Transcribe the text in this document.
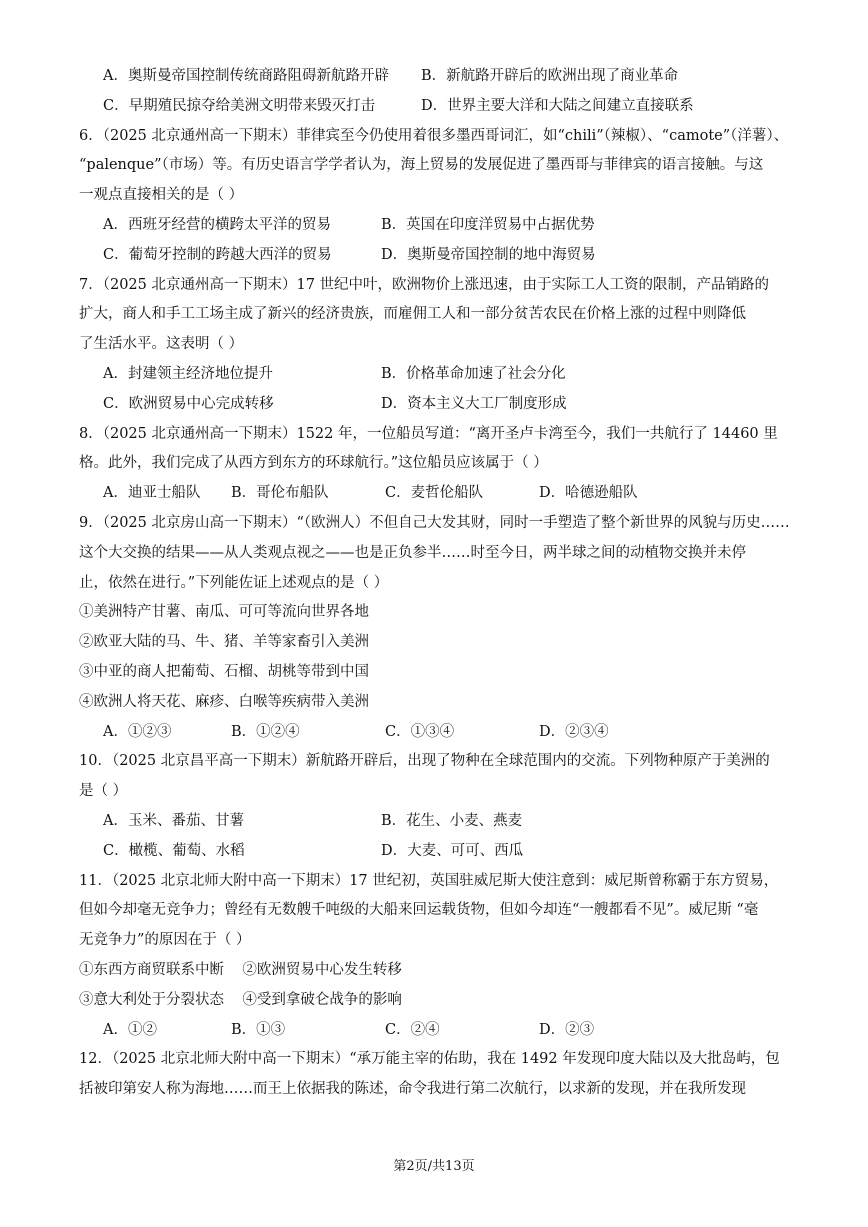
A．奥斯曼帝国控制传统商路阻碍新航路开辟 B．新航路开辟后的欧洲出现了商业革命
C．早期殖民掠夺给美洲文明带来毁灭打击	D．世界主要大洋和大陆之间建立直接联系
6．（2025 北京通州高一下期末）菲律宾至今仍使用着很多墨西哥词汇，如“chili”（辣椒）、“camote”（洋薯）、
“palenque”（市场）等。有历史语言学学者认为，海上贸易的发展促进了墨西哥与菲律宾的语言接触。与这
一观点直接相关的是（ ）
A．西班牙经营的横跨太平洋的贸易	B．英国在印度洋贸易中占据优势
C．葡萄牙控制的跨越大西洋的贸易	D．奥斯曼帝国控制的地中海贸易
7．（2025 北京通州高一下期末）17 世纪中叶，欧洲物价上涨迅速，由于实际工人工资的限制，产品销路的
扩大，商人和手工工场主成了新兴的经济贵族，而雇佣工人和一部分贫苦农民在价格上涨的过程中则降低
了生活水平。这表明（ ）
A．封建领主经济地位提升	B．价格革命加速了社会分化
C．欧洲贸易中心完成转移	D．资本主义大工厂制度形成
8．（2025 北京通州高一下期末）1522 年，一位船员写道：“离开圣卢卡湾至今，我们一共航行了 14460 里
格。此外，我们完成了从西方到东方的环球航行。”这位船员应该属于（ ）
A．迪亚士船队 B．哥伦布船队	C．麦哲伦船队	D．哈德逊船队
9．（2025 北京房山高一下期末）“（欧洲人）不但自己大发其财，同时一手塑造了整个新世界的风貌与历史……
这个大交换的结果——从人类观点视之——也是正负参半……时至今日，两半球之间的动植物交换并未停
止，依然在进行。”下列能佐证上述观点的是（ ）
①美洲特产甘薯、南瓜、可可等流向世界各地
②欧亚大陆的马、牛、猪、羊等家畜引入美洲
③中亚的商人把葡萄、石榴、胡桃等带到中国
④欧洲人将天花、麻疹、白喉等疾病带入美洲
A．①②③	B．①②④	C．①③④	D．②③④
10．（2025 北京昌平高一下期末）新航路开辟后，出现了物种在全球范围内的交流。下列物种原产于美洲的
是（ ）
A．玉米、番茄、甘薯	B．花生、小麦、燕麦
C．橄榄、葡萄、水稻	D．大麦、可可、西瓜
11．（2025 北京北师大附中高一下期末）17 世纪初，英国驻威尼斯大使注意到：威尼斯曾称霸于东方贸易，
但如今却毫无竞争力；曾经有无数艘千吨级的大船来回运载货物，但如今却连“一艘都看不见”。威尼斯 “毫
无竞争力”的原因在于（ ）
①东西方商贸联系中断    ②欧洲贸易中心发生转移
③意大利处于分裂状态    ④受到拿破仑战争的影响
A．①②	B．①③	C．②④	D．②③
12．（2025 北京北师大附中高一下期末）“承万能主宰的佑助，我在 1492 年发现印度大陆以及大批岛屿，包
括被印第安人称为海地……而王上依据我的陈述，命令我进行第二次航行，以求新的发现，并在我所发现
第2页/共13页
